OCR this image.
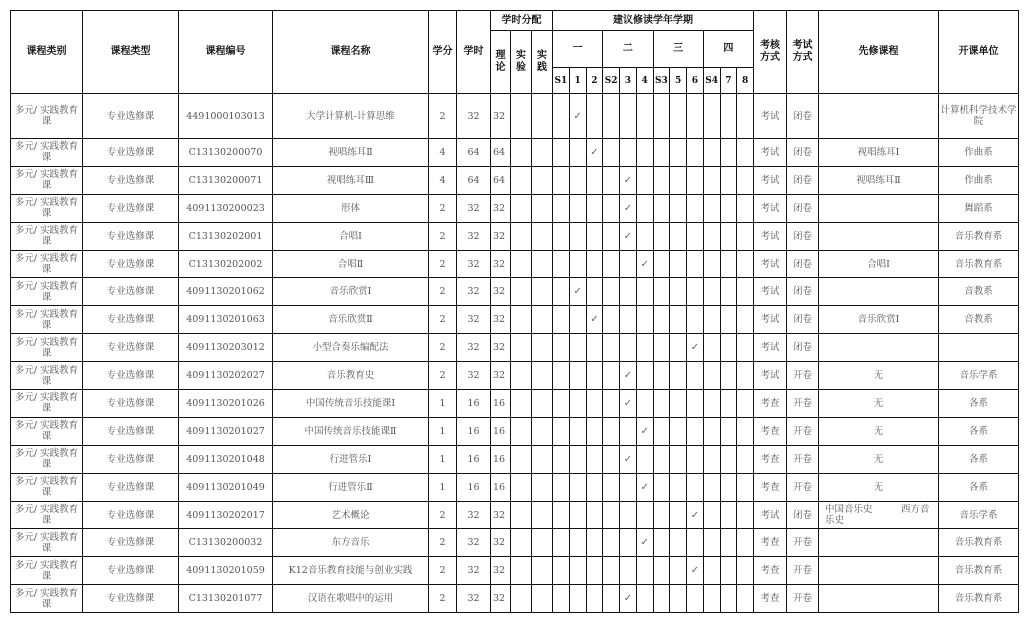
课程类别	课程类型	课程编号	课程名称	学分	学时	学时分配			建议修读学年学期												考核方式	考试方式	先修课程	开课单位
						理论	实验	实践	一			二			三			四						
									S1	1	2	S2	3	4	S3	5	6	S4	7	8				
多元/ 实践教育课	专业选修课	4491000103013	大学计算机-计算思维	2	32	32				✓											考试	闭卷		计算机科学技术学院
多元/ 实践教育课	专业选修课	C13130200070	视唱练耳Ⅱ	4	64	64					✓										考试	闭卷	视唱练耳Ⅰ	作曲系
多元/ 实践教育课	专业选修课	C13130200071	视唱练耳Ⅲ	4	64	64							✓								考试	闭卷	视唱练耳Ⅱ	作曲系
多元/ 实践教育课	专业选修课	4091130200023	形体	2	32	32							✓								考试	闭卷		舞蹈系
多元/ 实践教育课	专业选修课	C13130202001	合唱Ⅰ	2	32	32							✓								考试	闭卷		音乐教育系
多元/ 实践教育课	专业选修课	C13130202002	合唱Ⅱ	2	32	32								✓							考试	闭卷	合唱Ⅰ	音乐教育系
多元/ 实践教育课	专业选修课	4091130201062	音乐欣赏Ⅰ	2	32	32				✓											考试	闭卷		音教系
多元/ 实践教育课	专业选修课	4091130201063	音乐欣赏Ⅱ	2	32	32					✓										考试	闭卷	音乐欣赏Ⅰ	音教系
多元/ 实践教育课	专业选修课	4091130203012	小型合奏乐编配法	2	32	32											✓				考试	闭卷		
多元/ 实践教育课	专业选修课	4091130202027	音乐教育史	2	32	32							✓								考试	开卷	无	音乐学系
多元/ 实践教育课	专业选修课	4091130201026	中国传统音乐技能课Ⅰ	1	16	16							✓								考查	开卷	无	各系
多元/ 实践教育课	专业选修课	4091130201027	中国传统音乐技能课Ⅱ	1	16	16								✓							考查	开卷	无	各系
多元/ 实践教育课	专业选修课	4091130201048	行进管乐Ⅰ	1	16	16							✓								考查	开卷	无	各系
多元/ 实践教育课	专业选修课	4091130201049	行进管乐Ⅱ	1	16	16								✓							考查	开卷	无	各系
多元/ 实践教育课	专业选修课	4091130202017	艺术概论	2	32	32											✓				考试	闭卷	中国音乐史　　　西方音乐史	音乐学系
多元/ 实践教育课	专业选修课	C13130200032	东方音乐	2	32	32								✓							考查	开卷		音乐教育系
多元/ 实践教育课	专业选修课	4091130201059	K12音乐教育技能与创业实践	2	32	32											✓				考查	开卷		音乐教育系
多元/ 实践教育课	专业选修课	C13130201077	汉语在歌唱中的运用	2	32	32							✓								考查	开卷		音乐教育系
